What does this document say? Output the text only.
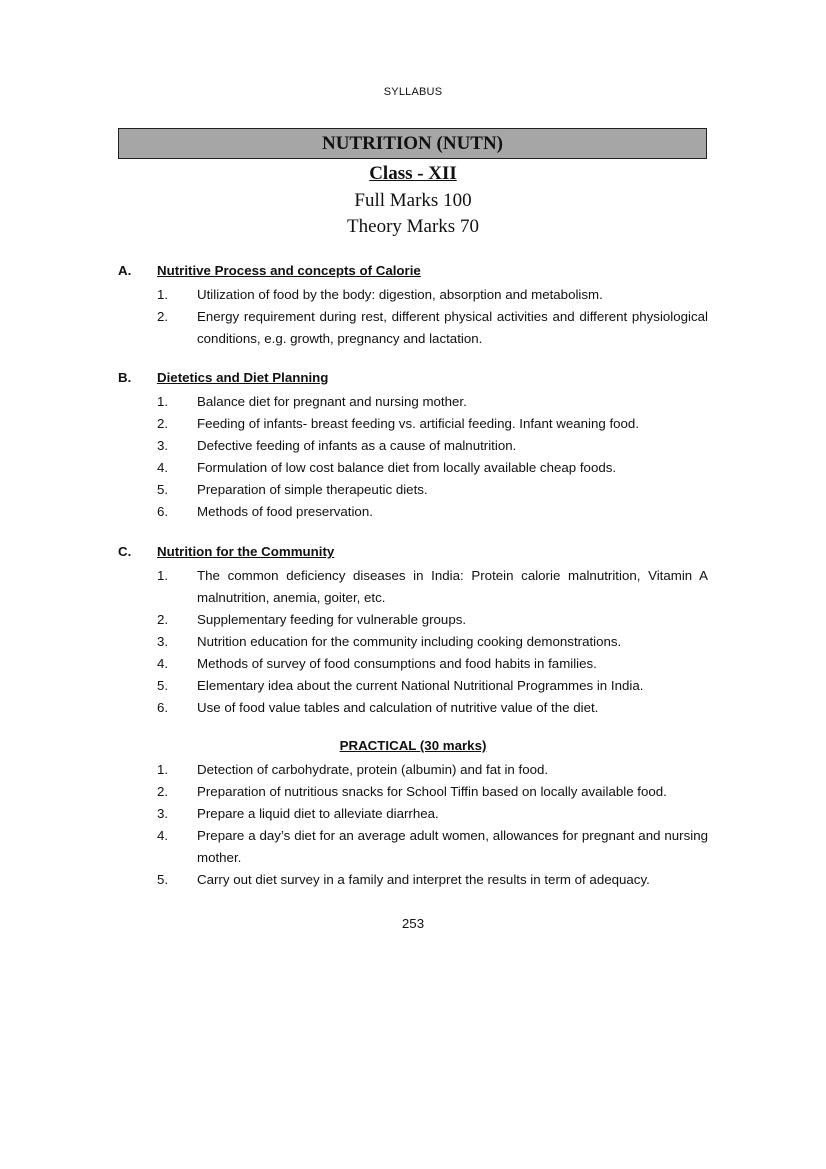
SYLLABUS
NUTRITION (NUTN)
Class - XII
Full Marks 100
Theory Marks 70
A. Nutritive Process and concepts of Calorie
1. Utilization of food by the body: digestion, absorption and metabolism.
2. Energy requirement during rest, different physical activities and different physiological conditions, e.g. growth, pregnancy and lactation.
B. Dietetics and Diet Planning
1. Balance diet for pregnant and nursing mother.
2. Feeding of infants- breast feeding vs. artificial feeding. Infant weaning food.
3. Defective feeding of infants as a cause of malnutrition.
4. Formulation of low cost balance diet from locally available cheap foods.
5. Preparation of simple therapeutic diets.
6. Methods of food preservation.
C. Nutrition for the Community
1. The common deficiency diseases in India: Protein calorie malnutrition, Vitamin A malnutrition, anemia, goiter, etc.
2. Supplementary feeding for vulnerable groups.
3. Nutrition education for the community including cooking demonstrations.
4. Methods of survey of food consumptions and food habits in families.
5. Elementary idea about the current National Nutritional Programmes in India.
6. Use of food value tables and calculation of nutritive value of the diet.
PRACTICAL (30 marks)
1. Detection of carbohydrate, protein (albumin) and fat in food.
2. Preparation of nutritious snacks for School Tiffin based on locally available food.
3. Prepare a liquid diet to alleviate diarrhea.
4. Prepare a day’s diet for an average adult women, allowances for pregnant and nursing mother.
5. Carry out diet survey in a family and interpret the results in term of adequacy.
253
